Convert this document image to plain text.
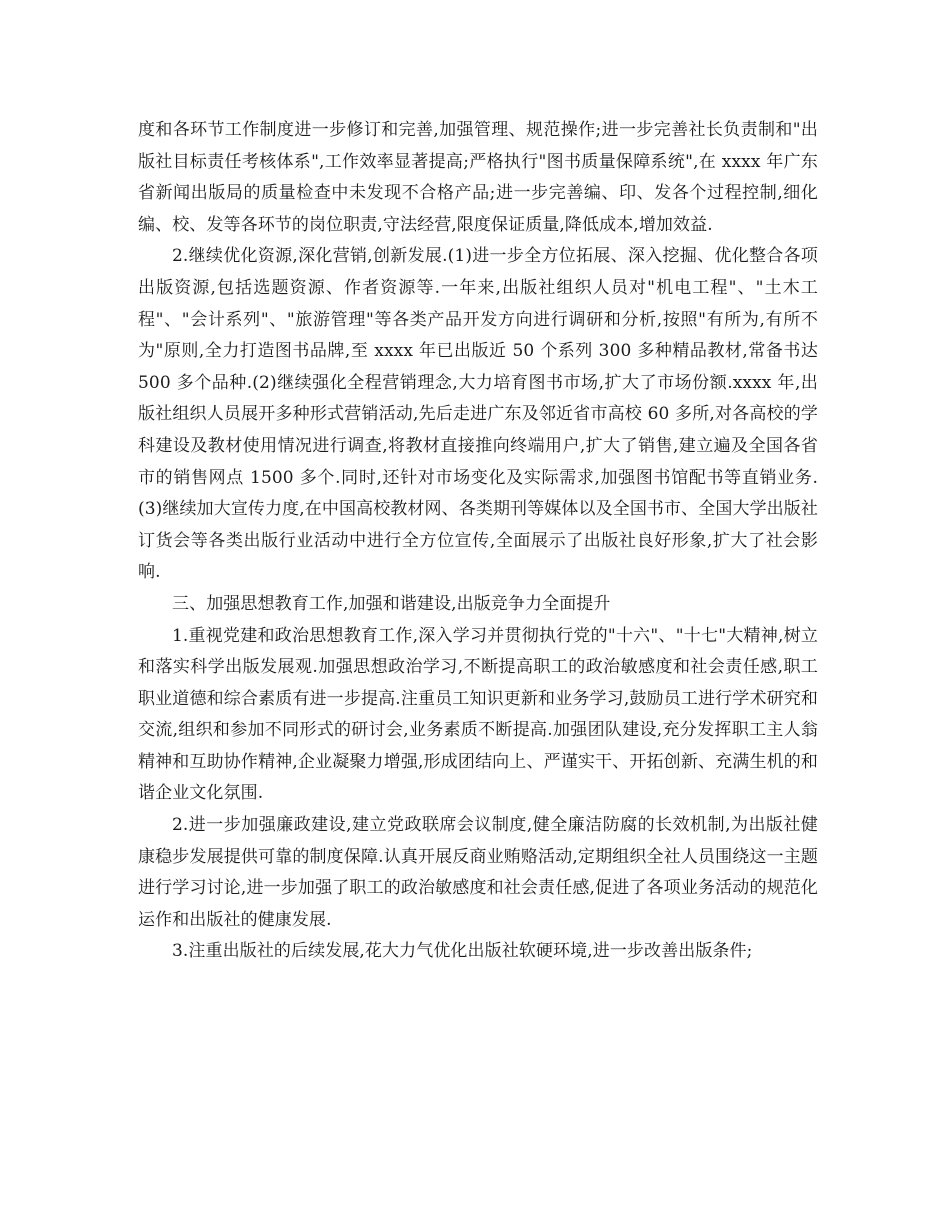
度和各环节工作制度进一步修订和完善,加强管理、规范操作;进一步完善社长负责制和"出版社目标责任考核体系",工作效率显著提高;严格执行"图书质量保障系统",在 xxxx 年广东省新闻出版局的质量检查中未发现不合格产品;进一步完善编、印、发各个过程控制,细化编、校、发等各环节的岗位职责,守法经营,限度保证质量,降低成本,增加效益.

2.继续优化资源,深化营销,创新发展.(1)进一步全方位拓展、深入挖掘、优化整合各项出版资源,包括选题资源、作者资源等.一年来,出版社组织人员对"机电工程"、"土木工程"、"会计系列"、"旅游管理"等各类产品开发方向进行调研和分析,按照"有所为,有所不为"原则,全力打造图书品牌,至 xxxx 年已出版近 50 个系列 300 多种精品教材,常备书达 500 多个品种.(2)继续强化全程营销理念,大力培育图书市场,扩大了市场份额.xxxx 年,出版社组织人员展开多种形式营销活动,先后走进广东及邻近省市高校 60 多所,对各高校的学科建设及教材使用情况进行调查,将教材直接推向终端用户,扩大了销售,建立遍及全国各省市的销售网点 1500 多个.同时,还针对市场变化及实际需求,加强图书馆配书等直销业务.(3)继续加大宣传力度,在中国高校教材网、各类期刊等媒体以及全国书市、全国大学出版社订货会等各类出版行业活动中进行全方位宣传,全面展示了出版社良好形象,扩大了社会影响.

三、加强思想教育工作,加强和谐建设,出版竞争力全面提升

1.重视党建和政治思想教育工作,深入学习并贯彻执行党的"十六"、"十七"大精神,树立和落实科学出版发展观.加强思想政治学习,不断提高职工的政治敏感度和社会责任感,职工职业道德和综合素质有进一步提高.注重员工知识更新和业务学习,鼓励员工进行学术研究和交流,组织和参加不同形式的研讨会,业务素质不断提高.加强团队建设,充分发挥职工主人翁精神和互助协作精神,企业凝聚力增强,形成团结向上、严谨实干、开拓创新、充满生机的和谐企业文化氛围.

2.进一步加强廉政建设,建立党政联席会议制度,健全廉洁防腐的长效机制,为出版社健康稳步发展提供可靠的制度保障.认真开展反商业贿赂活动,定期组织全社人员围绕这一主题进行学习讨论,进一步加强了职工的政治敏感度和社会责任感,促进了各项业务活动的规范化运作和出版社的健康发展.

3.注重出版社的后续发展,花大力气优化出版社软硬环境,进一步改善出版条件;
